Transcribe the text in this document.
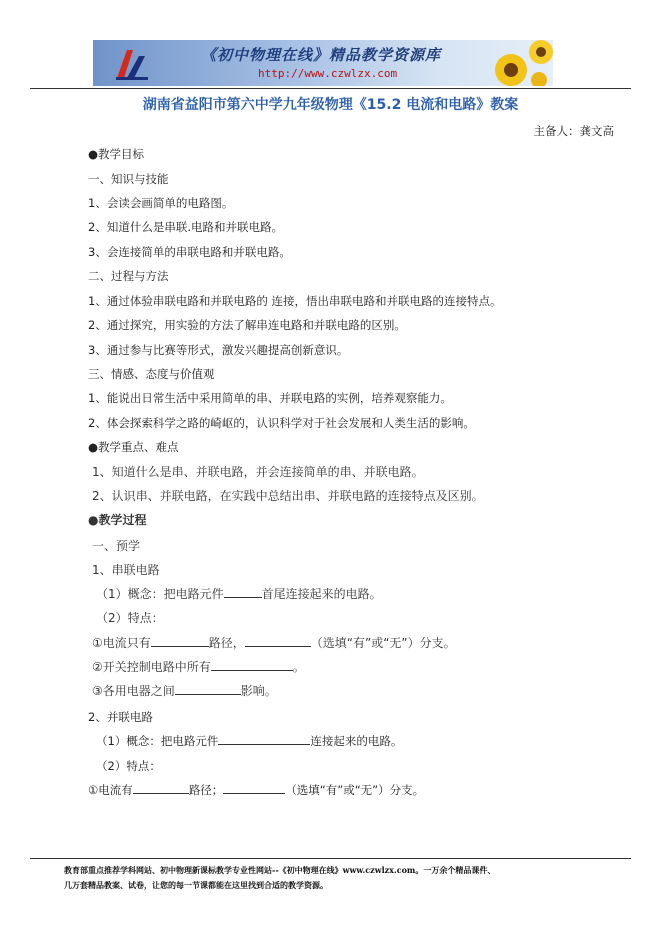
《初中物理在线》精品教学资源库
http://www.czwlzx.com
湖南省益阳市第六中学九年级物理《15.2 电流和电路》教案
主备人：龚文高
●教学目标
一、知识与技能
1、会读会画简单的电路图。
2、知道什么是串联.电路和并联电路。
3、会连接简单的串联电路和并联电路。
二、过程与方法
1、通过体验串联电路和并联电路的 连接，悟出串联电路和并联电路的连接特点。
2、通过探究，用实验的方法了解串连电路和并联电路的区别。
3、通过参与比赛等形式，激发兴趣提高创新意识。
三、情感、态度与价值观
1、能说出日常生活中采用简单的串、并联电路的实例，培养观察能力。
2、体会探索科学之路的崎岖的，认识科学对于社会发展和人类生活的影响。
●教学重点、难点
1、知道什么是串、并联电路，并会连接简单的串、并联电路。
2、认识串、并联电路，在实践中总结出串、并联电路的连接特点及区别。
●教学过程
一、预学
1、串联电路
（1）概念：把电路元件	首尾连接起来的电路。
（2）特点：
①电流只有	路径，	（选填“有”或“无”）分支。
②开关控制电路中所有	。
③各用电器之间	影响。
2、并联电路
（1）概念：把电路元件	连接起来的电路。
（2）特点：
①电流有	路径；	（选填“有”或“无”）分支。
教育部重点推荐学科网站、初中物理新课标教学专业性网站--《初中物理在线》www.czwlzx.com。一万余个精品课件、
几万套精品教案、试卷，让您的每一节课都能在这里找到合适的教学资源。
